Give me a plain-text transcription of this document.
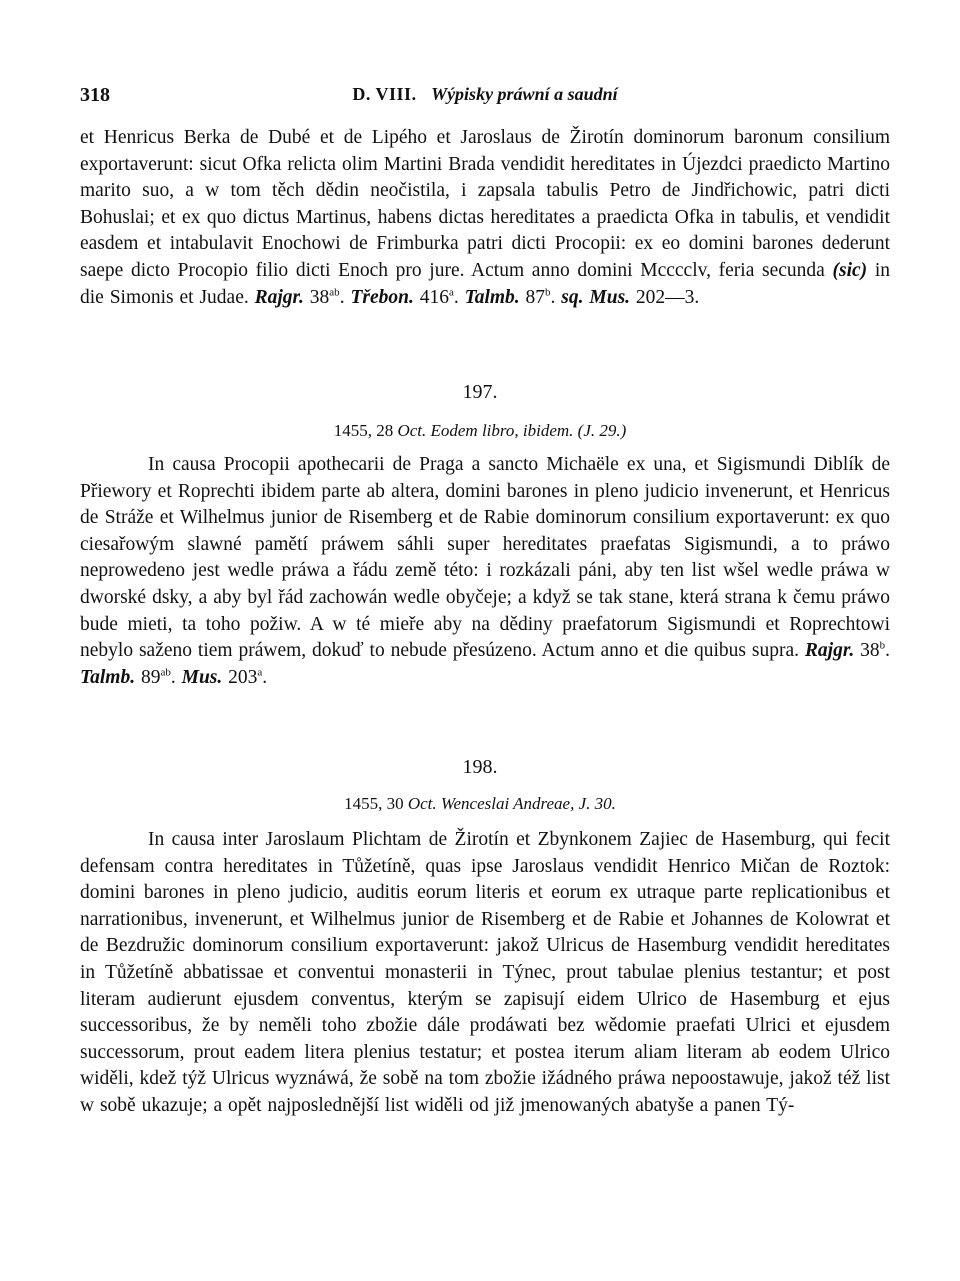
318	D. VIII. Wýpisky práwní a saudní

et Henricus Berka de Dubé et de Lipého et Jaroslaus de Žirotín dominorum baronum consilium exportaverunt: sicut Ofka relicta olim Martini Brada vendidit hereditates in Újezdci praedicto Martino marito suo, a w tom těch dědin neočistila, i zapsala tabulis Petro de Jindřichowic, patri dicti Bohuslai; et ex quo dictus Martinus, habens dictas hereditates a praedicta Ofka in tabulis, et vendidit easdem et intabulavit Enochowi de Frimburka patri dicti Procopii: ex eo domini barones dederunt saepe dicto Procopio filio dicti Enoch pro jure. Actum anno domini Mcccclv, feria secunda (sic) in die Simonis et Judae. Rajgr. $38^{ab}$. Třebon. 416$^a$. Talmb. 87$^b$. sq. Mus. 202—3.

197.
1455, 28 Oct. Eodem libro, ibidem. (J. 29.)

In causa Procopii apothecarii de Praga a sancto Michaële ex una, et Sigismundi Diblík de Přiewory et Roprechti ibidem parte ab altera, domini barones in pleno judicio invenerunt, et Henricus de Stráže et Wilhelmus junior de Risemberg et de Rabie dominorum consilium exportaverunt: ex quo ciesařowým slawné pamětí práwem sáhli super hereditates praefatas Sigismundi, a to práwo neprowedeno jest wedle práwa a řádu země této: i rozkázali páni, aby ten list wšel wedle práwa w dworské dsky, a aby byl řád zachowán wedle obyčeje; a když se tak stane, která strana k čemu práwo bude mieti, ta toho požiw. A w té mieře aby na dědiny praefatorum Sigismundi et Roprechtowi nebylo saženo tiem práwem, dokuď to nebude přesúzeno. Actum anno et die quibus supra. Rajgr. 38$^b$. Talmb. $89^{ab}$. Mus. 203$^a$.

198.
1455, 30 Oct. Wenceslai Andreae, J. 30.

In causa inter Jaroslaum Plichtam de Žirotín et Zbynkonem Zajiec de Hasemburg, qui fecit defensam contra hereditates in Tůžetíně, quas ipse Jaroslaus vendidit Henrico Mičan de Roztok: domini barones in pleno judicio, auditis eorum literis et eorum ex utraque parte replicationibus et narrationibus, invenerunt, et Wilhelmus junior de Risemberg et de Rabie et Johannes de Kolowrat et de Bezdružic dominorum consilium exportaverunt: jakož Ulricus de Hasemburg vendidit hereditates in Tůžetíně abbatissae et conventui monasterii in Týnec, prout tabulae plenius testantur; et post literam audierunt ejusdem conventus, kterým se zapisují eidem Ulrico de Hasemburg et ejus successoribus, že by neměli toho zbožie dále prodáwati bez wědomie praefati Ulrici et ejusdem successorum, prout eadem litera plenius testatur; et postea iterum aliam literam ab eodem Ulrico widěli, kdež týž Ulricus wyznáwá, že sobě na tom zbožie ižádného práwa nepoostawuje, jakož též list w sobě ukazuje; a opět najposlednější list widěli od již jmenowaných abatyše a panen Tý-
